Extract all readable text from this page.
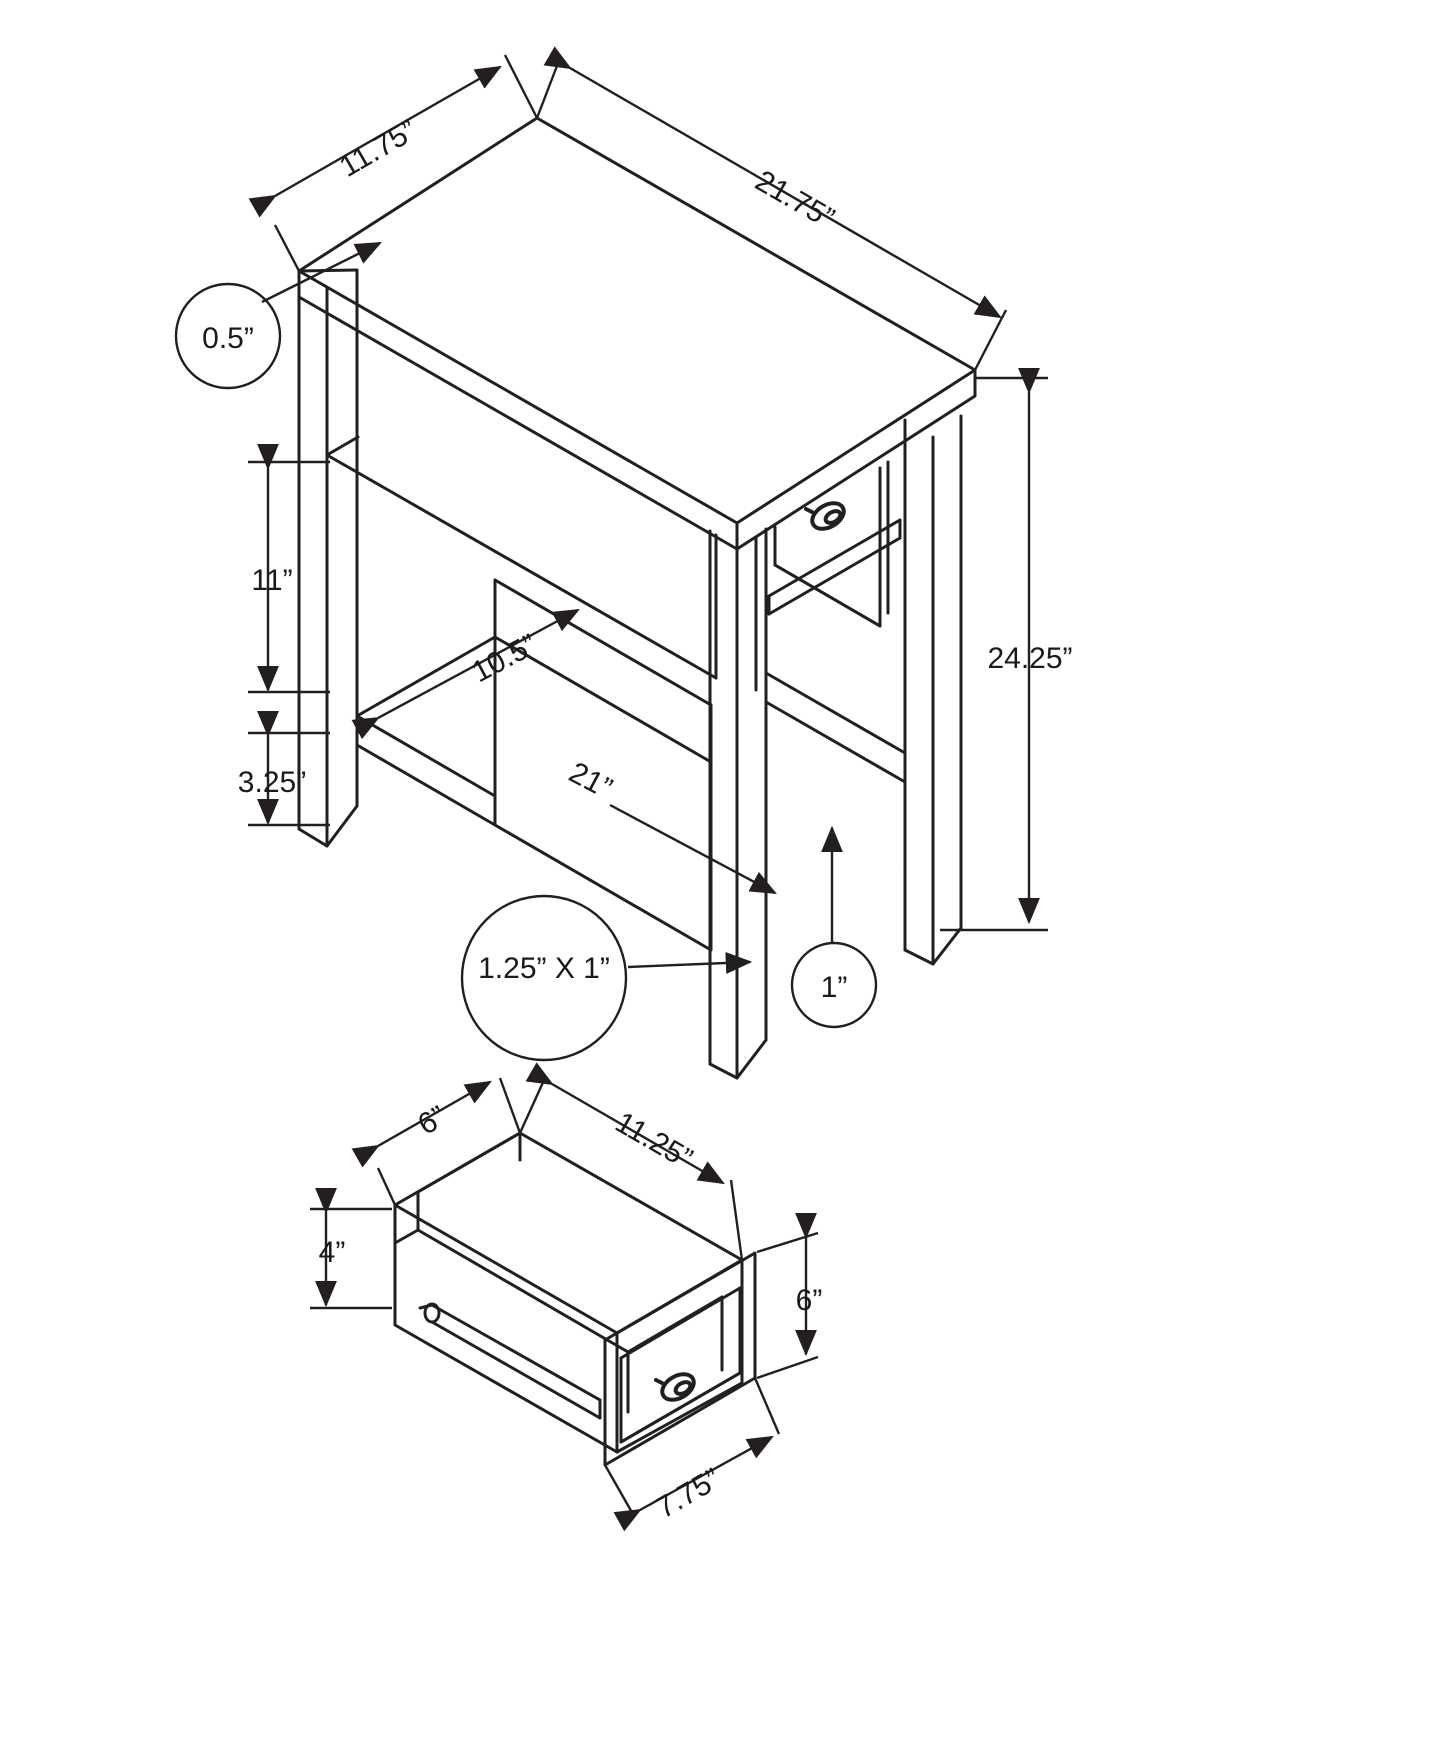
11.75”
21.75”
0.5”
11”
3.25”
24.25”
10.5”
21”
1.25” X 1”
1”
6”	11.25”
4”
6”
7.75”
